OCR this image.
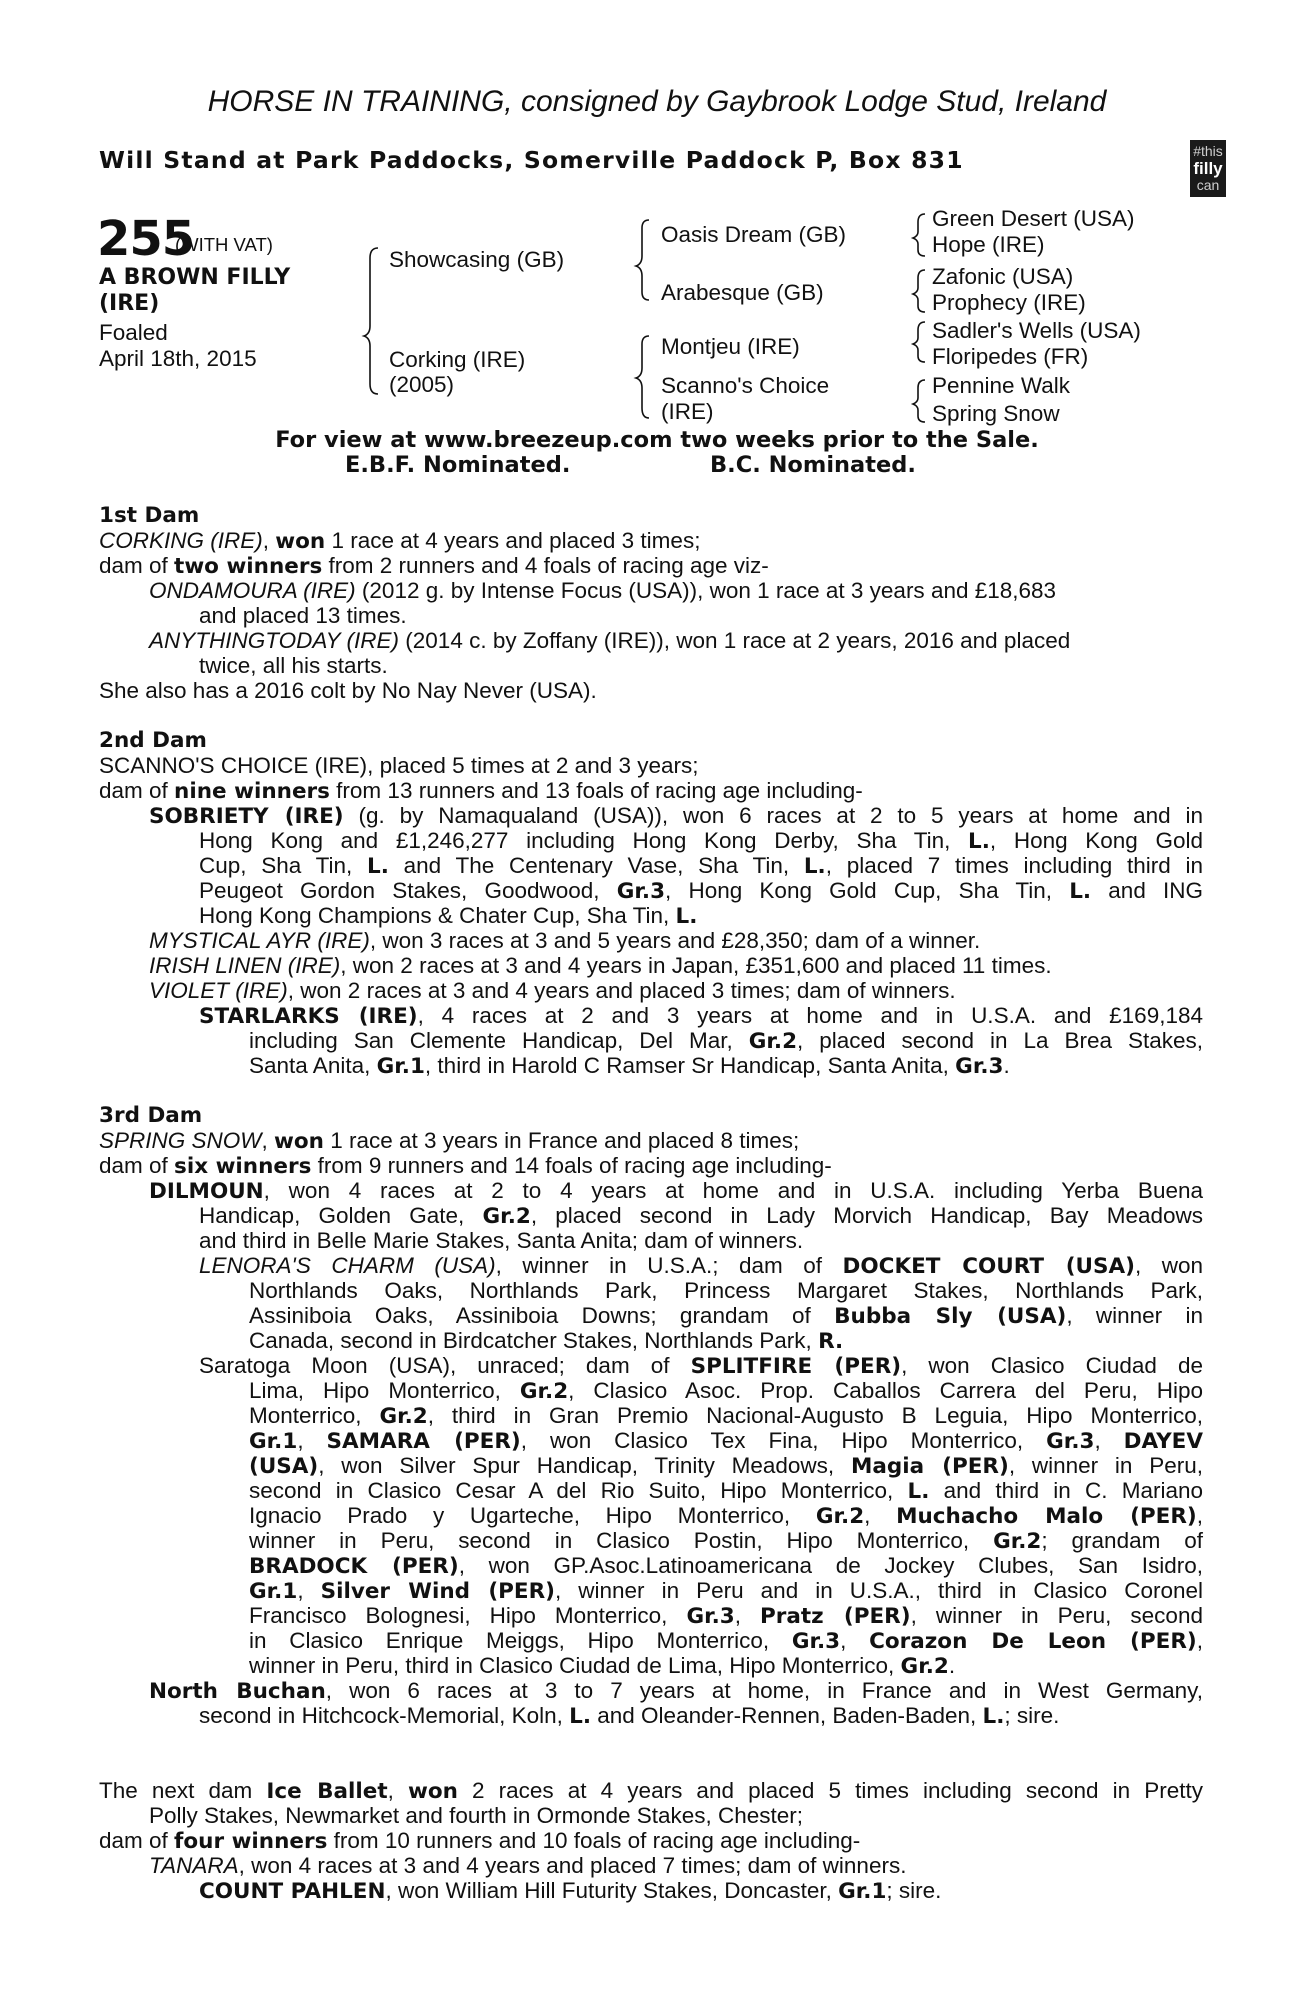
HORSE IN TRAINING, consigned by Gaybrook Lodge Stud, Ireland
Will Stand at Park Paddocks, Somerville Paddock P, Box 831	#this
filly
can
255
(WITH VAT)
A BROWN FILLY
(IRE)
Foaled
April 18th, 2015
Showcasing (GB)
Corking (IRE)
(2005)
Oasis Dream (GB)
Arabesque (GB)
Montjeu (IRE)
Scanno's Choice
(IRE)
Green Desert (USA)
Hope (IRE)
Zafonic (USA)
Prophecy (IRE)
Sadler's Wells (USA)
Floripedes (FR)
Pennine Walk
Spring Snow
For view at www.breezeup.com two weeks prior to the Sale.
E.B.F. Nominated.	B.C. Nominated.
1st Dam
CORKING (IRE), won 1 race at 4 years and placed 3 times;
dam of two winners from 2 runners and 4 foals of racing age viz-
ONDAMOURA (IRE) (2012 g. by Intense Focus (USA)), won 1 race at 3 years and £18,683
and placed 13 times.
ANYTHINGTODAY (IRE) (2014 c. by Zoffany (IRE)), won 1 race at 2 years, 2016 and placed
twice, all his starts.
She also has a 2016 colt by No Nay Never (USA).
2nd Dam
SCANNO'S CHOICE (IRE), placed 5 times at 2 and 3 years;
dam of nine winners from 13 runners and 13 foals of racing age including-
SOBRIETY (IRE) (g. by Namaqualand (USA)), won 6 races at 2 to 5 years at home and in
Hong Kong and £1,246,277 including Hong Kong Derby, Sha Tin, L., Hong Kong Gold
Cup, Sha Tin, L. and The Centenary Vase, Sha Tin, L., placed 7 times including third in
Peugeot Gordon Stakes, Goodwood, Gr.3, Hong Kong Gold Cup, Sha Tin, L. and ING
Hong Kong Champions & Chater Cup, Sha Tin, L.
MYSTICAL AYR (IRE), won 3 races at 3 and 5 years and £28,350; dam of a winner.
IRISH LINEN (IRE), won 2 races at 3 and 4 years in Japan, £351,600 and placed 11 times.
VIOLET (IRE), won 2 races at 3 and 4 years and placed 3 times; dam of winners.
STARLARKS (IRE), 4 races at 2 and 3 years at home and in U.S.A. and £169,184
including San Clemente Handicap, Del Mar, Gr.2, placed second in La Brea Stakes,
Santa Anita, Gr.1, third in Harold C Ramser Sr Handicap, Santa Anita, Gr.3.
3rd Dam
SPRING SNOW, won 1 race at 3 years in France and placed 8 times;
dam of six winners from 9 runners and 14 foals of racing age including-
DILMOUN, won 4 races at 2 to 4 years at home and in U.S.A. including Yerba Buena
Handicap, Golden Gate, Gr.2, placed second in Lady Morvich Handicap, Bay Meadows
and third in Belle Marie Stakes, Santa Anita; dam of winners.
LENORA'S CHARM (USA), winner in U.S.A.; dam of DOCKET COURT (USA), won
Northlands Oaks, Northlands Park, Princess Margaret Stakes, Northlands Park,
Assiniboia Oaks, Assiniboia Downs; grandam of Bubba Sly (USA), winner in
Canada, second in Birdcatcher Stakes, Northlands Park, R.
Saratoga Moon (USA), unraced; dam of SPLITFIRE (PER), won Clasico Ciudad de
Lima, Hipo Monterrico, Gr.2, Clasico Asoc. Prop. Caballos Carrera del Peru, Hipo
Monterrico, Gr.2, third in Gran Premio Nacional-Augusto B Leguia, Hipo Monterrico,
Gr.1, SAMARA (PER), won Clasico Tex Fina, Hipo Monterrico, Gr.3, DAYEV
(USA), won Silver Spur Handicap, Trinity Meadows, Magia (PER), winner in Peru,
second in Clasico Cesar A del Rio Suito, Hipo Monterrico, L. and third in C. Mariano
Ignacio Prado y Ugarteche, Hipo Monterrico, Gr.2, Muchacho Malo (PER),
winner in Peru, second in Clasico Postin, Hipo Monterrico, Gr.2; grandam of
BRADOCK (PER), won GP.Asoc.Latinoamericana de Jockey Clubes, San Isidro,
Gr.1, Silver Wind (PER), winner in Peru and in U.S.A., third in Clasico Coronel
Francisco Bolognesi, Hipo Monterrico, Gr.3, Pratz (PER), winner in Peru, second
in Clasico Enrique Meiggs, Hipo Monterrico, Gr.3, Corazon De Leon (PER),
winner in Peru, third in Clasico Ciudad de Lima, Hipo Monterrico, Gr.2.
North Buchan, won 6 races at 3 to 7 years at home, in France and in West Germany,
second in Hitchcock-Memorial, Koln, L. and Oleander-Rennen, Baden-Baden, L.; sire.
The next dam Ice Ballet, won 2 races at 4 years and placed 5 times including second in Pretty
Polly Stakes, Newmarket and fourth in Ormonde Stakes, Chester;
dam of four winners from 10 runners and 10 foals of racing age including-
TANARA, won 4 races at 3 and 4 years and placed 7 times; dam of winners.
COUNT PAHLEN, won William Hill Futurity Stakes, Doncaster, Gr.1; sire.
